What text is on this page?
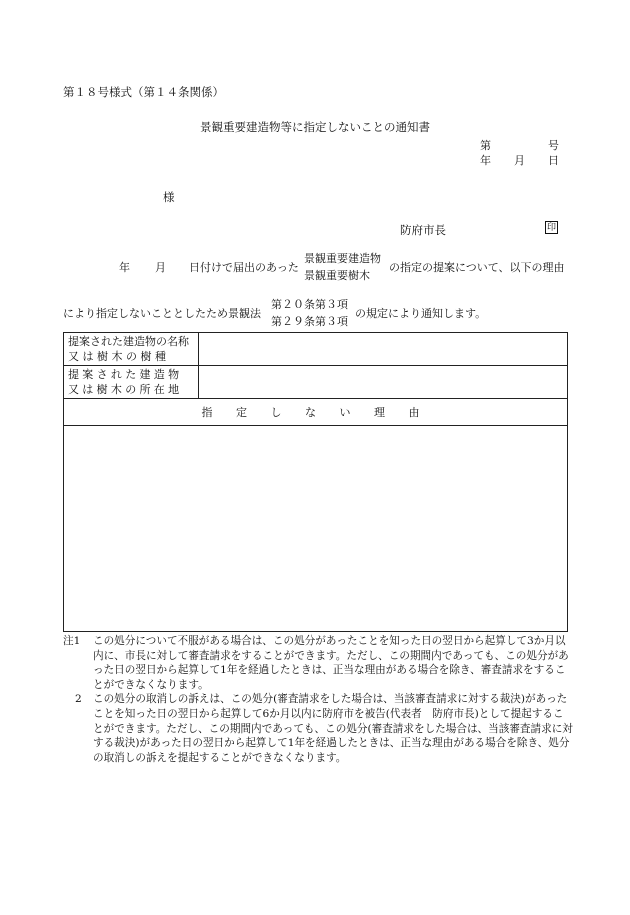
第１８号様式（第１４条関係）
景観重要建造物等に指定しないことの通知書
第	号
年 月 日
様
防府市長	印
年 月 日付けで届出のあった
景観重要建造物
景観重要樹木
の指定の提案について、以下の理由
により指定しないこととしたため景観法
第２０条第３項
第２９条第３項
の規定により通知します。
提案された建造物の名称
又 は 樹 木 の 樹 種	

提案された建造物
又は樹木の所在地	

指 定 し な い 理 由	

注1 この処分について不服がある場合は、この処分があったことを知った日の翌日から起算して3か月以内に、市長に対して審査請求をすることができます。ただし、この期間内であっても、この処分があった日の翌日から起算して1年を経過したときは、正当な理由がある場合を除き、審査請求をすることができなくなります。
2 この処分の取消しの訴えは、この処分(審査請求をした場合は、当該審査請求に対する裁決)があったことを知った日の翌日から起算して6か月以内に防府市を被告(代表者　防府市長)として提起することができます。ただし、この期間内であっても、この処分(審査請求をした場合は、当該審査請求に対する裁決)があった日の翌日から起算して1年を経過したときは、正当な理由がある場合を除き、処分の取消しの訴えを提起することができなくなります。
